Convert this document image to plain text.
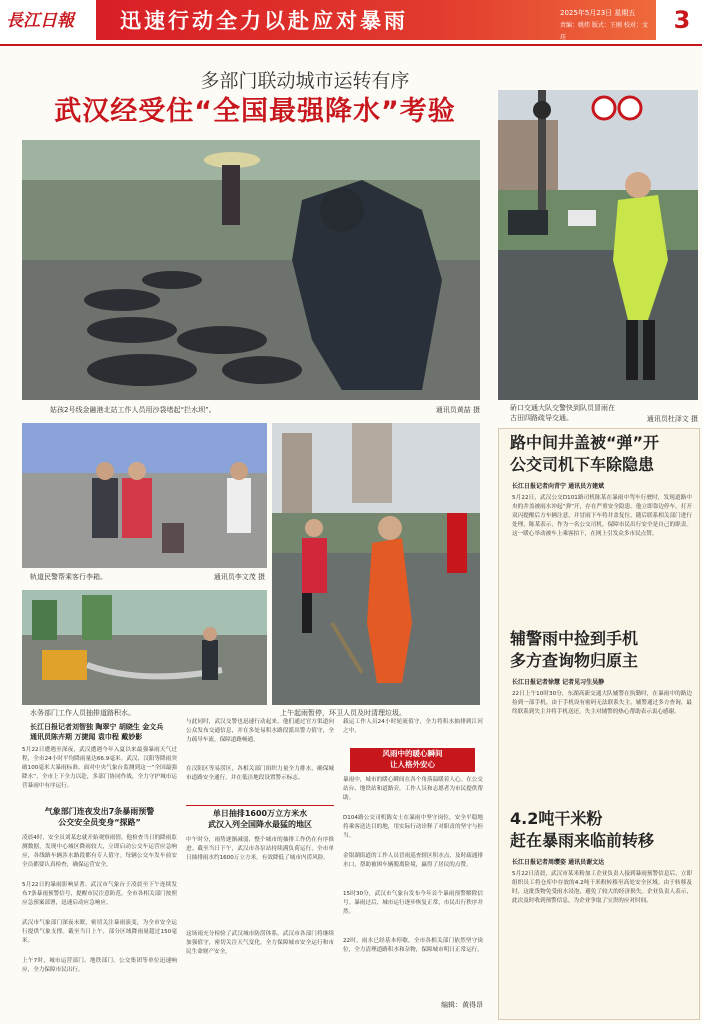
長江日報 迅速行动全力以赴应对暴雨	2025年5月23日 星期五
责编：姚炜 版式：王刚 校对：文珏
3
多部门联动城市运转有序
武汉经受住“全国最强降水”考验
姑孩2号线金融港北站工作人员用沙袋堵起“拦水坝”。	通讯员黄喆 摄	硚口交通大队交警快到队员冒雨在古田四路疏导交通。	通讯员杜泽文 摄
轨道民警帮乘客行李箱。	通讯员李文茂 摄
上午起雨暂停，环卫人员及时清理垃圾。
水务部门工作人员抽排道路积水。
长江日报记者刘智独 陶翠宁 胡晓生 金文兵
通讯员陈卉期 万捷闻 袁巾程 戴妙影
5月22日遭遇至深夜，武汉遭遇今年入夏以来最强暴雨天气过程，全市24小时平均降雨量达66.9毫米。武汉、汉阳等降雨突破100毫米大暴雨标准。面对中央气象台监测到这一“全国最强降水”，全市上下全力以赴，多部门协同作战，全力守护城市运营暴雨中有序运行。
气象部门连夜发出7条暴雨预警
公交安全员变身“探路”
凌晨4时，安全员刘某忠就开始观察雨情。他检查当日的降雨监测数据，发现中心城区降雨较大，立即启动公交车运营应急响应，各线路车辆涉水路段都有专人值守。每辆公交车发车前安全员都要认真检查，确保运营安全。
5月22日的暴雨影响显著。武汉市气象台于凌晨至下午连续发布7条暴雨预警信号，提醒市民注意防范。全市各相关部门按照应急预案部署，迅速启动应急响应。
武汉市气象部门深夜未眠，密切关注暴雨演变，为全市安全运行提供气象支撑。截至当日上午，部分区域降雨量超过150毫米。
上午7时，城市运营部门、地铁部门、公交集团等单位迅速响应，全力保障市民出行。
与此同时，武汉交警也迅速行动起来，他们通过官方渠道向公众发布交通信息，并在多处易积水路段派出警力值守，全力疏导车流，保障道路畅通。
在汉阳区等易涝区，各相关部门组织力量全力排水，确保城市道路安全通行，并在低洼地段设置警示标志。
单日抽排1600万立方米水
武汉入列全国降水最猛的地区
中午时分，雨势逐渐减弱，整个城市的抽排工作仍在有序推进。截至当日下午，武汉市各泵站持续满负荷运行，全市单日抽排雨水约1600万立方米，有效降低了城市内涝风险。
这场雨充分检验了武汉城市防涝体系。武汉市各部门将继续加强值守，密切关注天气变化，全力保障城市安全运行和市民生命财产安全。
载运工作人员24小时轮流值守，全力将积水抽排到江河之中。
风雨中的暖心瞬间
让人格外安心
暴雨中，城市的暖心瞬间在各个角落温暖着人心。在公交站台、地铁站和道路旁，工作人员和志愿者为市民提供帮助。
D104路公交司机陈女士在暴雨中坚守岗位，安全平稳地将乘客送达目的地，用实际行动诠释了对职责的坚守与担当。
金银湖街道的工作人员冒雨巡查辖区积水点，及时疏通排水口，帮助被困车辆脱离险境，赢得了居民的点赞。
15时30分，武汉市气象台发布今年首个暴雨预警解除信号。暴雨过后，城市运行逐步恢复正常，市民出行秩序井然。
22时，雨水已经基本停歇，全市各相关部门依然坚守岗位，全力清理道路积水和杂物，保障城市明日正常运行。
编辑：黄得昂
路中间井盖被“弹”开
公交司机下车除隐患
长江日报记者向青宁 通讯员方建斌
5月22日，武汉公交D101路司机陈某在暴雨中驾车行驶时，发现道路中央的井盖被雨水冲起“弹”开，存在严重安全隐患。他立即靠边停车，打开双闪提醒后方车辆注意，并冒雨下车将井盖复位，随后联系相关部门进行处理。陈某表示，作为一名公交司机，保障市民出行安全是自己的职责。这一暖心举动被车上乘客拍下，在网上引发众多市民点赞。
辅警雨中捡到手机
多方查询物归原主
长江日报记者徐慧 记者见习生吴静
22日上午10时30分，东湖高新交通大队辅警在执勤时，在暴雨中的路边捡到一部手机。由于手机设有密码无法联系失主，辅警通过多方查询，最终联系到失主并将手机送还。失主对辅警的热心帮助表示衷心感谢。
4.2吨干米粉
赶在暴雨来临前转移
长江日报记者周缨姿 通讯员谢文达
5月22日清晨，武汉市某米粉加工企业负责人接到暴雨预警信息后，立即组织员工将仓库中存放的4.2吨干米粉转移至高处安全区域。由于转移及时，这批货物免受雨水浸泡，避免了较大的经济损失。企业负责人表示，此次及时收到预警信息，为企业争取了宝贵的应对时间。
